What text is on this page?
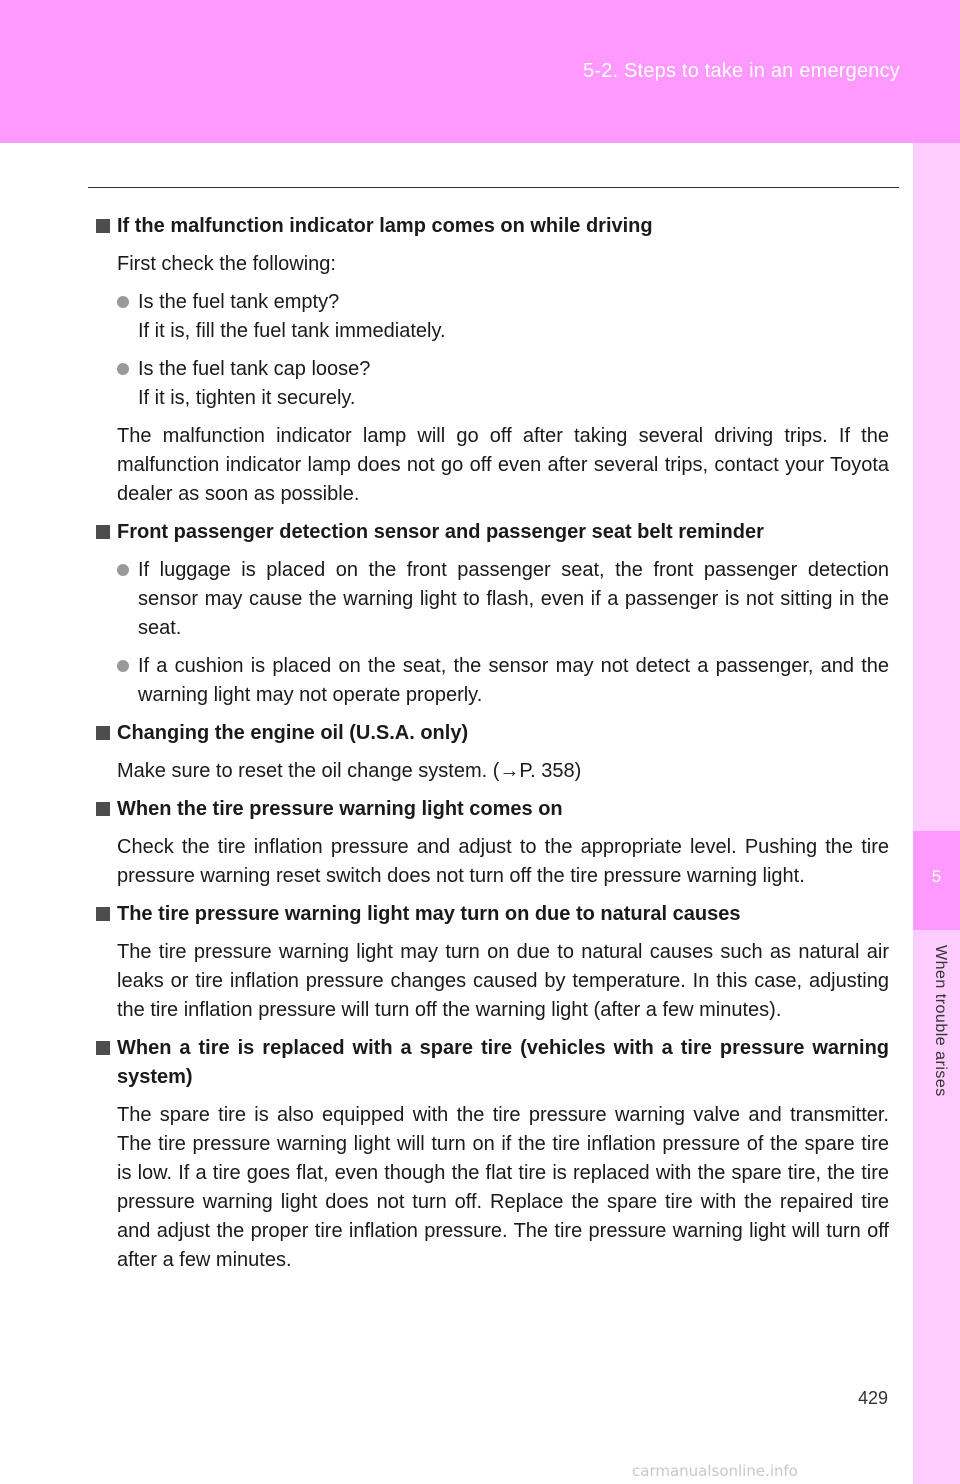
5-2. Steps to take in an emergency
5
When trouble arises
If the malfunction indicator lamp comes on while driving
First check the following:
Is the fuel tank empty?
If it is, fill the fuel tank immediately.
Is the fuel tank cap loose?
If it is, tighten it securely.
The malfunction indicator lamp will go off after taking several driving trips. If the malfunction indicator lamp does not go off even after several trips, contact your Toyota dealer as soon as possible.
Front passenger detection sensor and passenger seat belt reminder
If luggage is placed on the front passenger seat, the front passenger detection sensor may cause the warning light to flash, even if a passenger is not sitting in the seat.
If a cushion is placed on the seat, the sensor may not detect a passenger, and the warning light may not operate properly.
Changing the engine oil (U.S.A. only)
Make sure to reset the oil change system. (→P. 358)
When the tire pressure warning light comes on
Check the tire inflation pressure and adjust to the appropriate level. Pushing the tire pressure warning reset switch does not turn off the tire pressure warning light.
The tire pressure warning light may turn on due to natural causes
The tire pressure warning light may turn on due to natural causes such as natural air leaks or tire inflation pressure changes caused by temperature. In this case, adjusting the tire inflation pressure will turn off the warning light (after a few minutes).
When a tire is replaced with a spare tire (vehicles with a tire pressure warning system)
The spare tire is also equipped with the tire pressure warning valve and transmitter. The tire pressure warning light will turn on if the tire inflation pressure of the spare tire is low. If a tire goes flat, even though the flat tire is replaced with the spare tire, the tire pressure warning light does not turn off. Replace the spare tire with the repaired tire and adjust the proper tire inflation pressure. The tire pressure warning light will turn off after a few minutes.
429
carmanualsonline.info
